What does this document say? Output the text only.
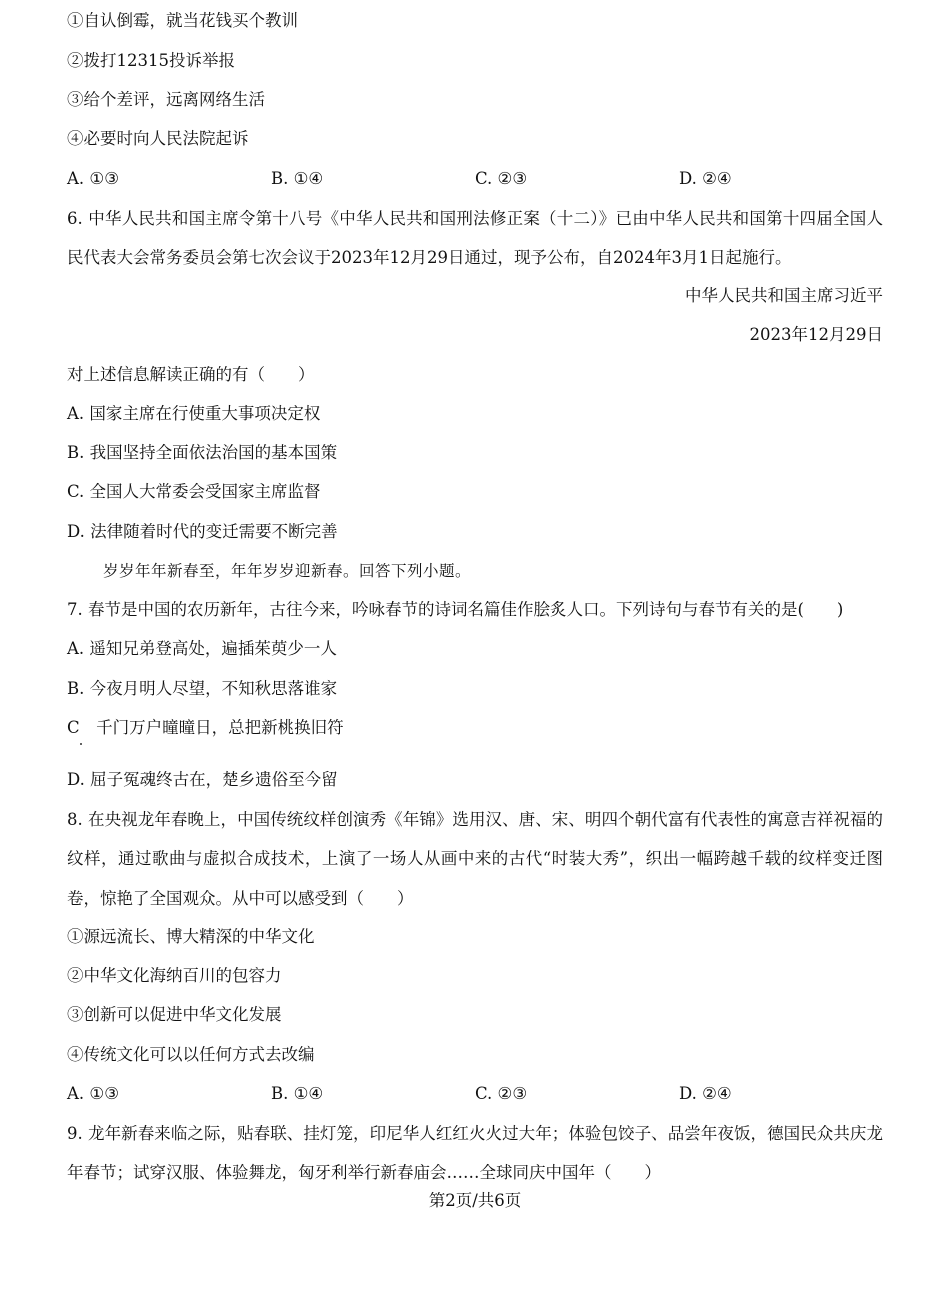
①自认倒霉，就当花钱买个教训
②拨打12315投诉举报
③给个差评，远离网络生活
④必要时向人民法院起诉
A. ①③	B. ①④	C. ②③	D. ②④
6. 中华人民共和国主席令第十八号《中华人民共和国刑法修正案（十二）》已由中华人民共和国第十四届全国人民代表大会常务委员会第七次会议于2023年12月29日通过，现予公布，自2024年3月1日起施行。
中华人民共和国主席习近平
2023年12月29日
对上述信息解读正确的有（　　）
A. 国家主席在行使重大事项决定权
B. 我国坚持全面依法治国的基本国策
C. 全国人大常委会受国家主席监督
D. 法律随着时代的变迁需要不断完善
岁岁年年新春至，年年岁岁迎新春。回答下列小题。
7. 春节是中国的农历新年，古往今来，吟咏春节的诗词名篇佳作脍炙人口。下列诗句与春节有关的是(　　)
A. 遥知兄弟登高处，遍插茱萸少一人
B. 今夜月明人尽望，不知秋思落谁家
C　千门万户曈曈日，总把新桃换旧符
D. 屈子冤魂终古在，楚乡遗俗至今留
8. 在央视龙年春晚上，中国传统纹样创演秀《年锦》选用汉、唐、宋、明四个朝代富有代表性的寓意吉祥祝福的纹样，通过歌曲与虚拟合成技术，上演了一场人从画中来的古代“时装大秀”，织出一幅跨越千载的纹样变迁图卷，惊艳了全国观众。从中可以感受到（　　）
①源远流长、博大精深的中华文化
②中华文化海纳百川的包容力
③创新可以促进中华文化发展
④传统文化可以以任何方式去改编
A. ①③	B. ①④	C. ②③	D. ②④
9. 龙年新春来临之际，贴春联、挂灯笼，印尼华人红红火火过大年；体验包饺子、品尝年夜饭，德国民众共庆龙年春节；试穿汉服、体验舞龙，匈牙利举行新春庙会……全球同庆中国年（　　）
第2页/共6页
